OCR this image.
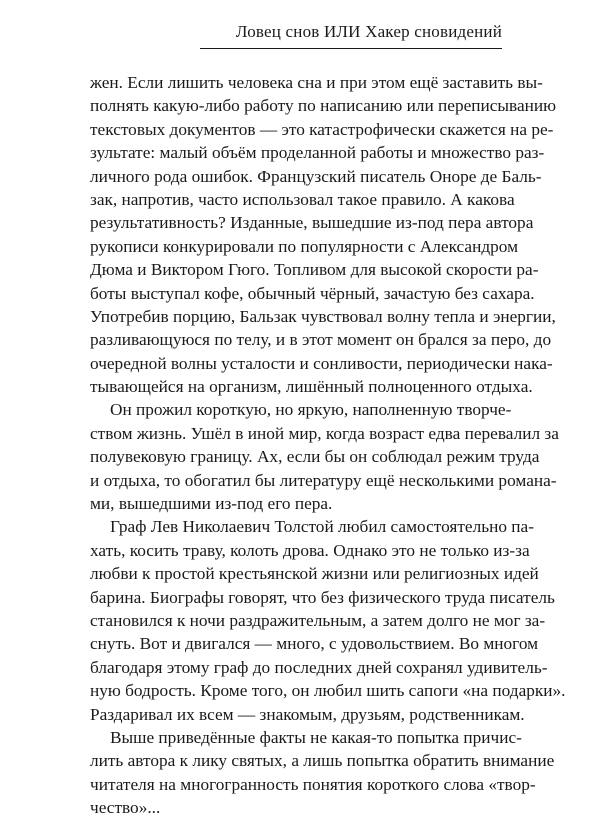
Ловец снов ИЛИ Хакер сновидений
жен. Если лишить человека сна и при этом ещё заставить вы-
полнять какую-либо работу по написанию или переписыванию
текстовых документов — это катастрофически скажется на ре-
зультате: малый объём проделанной работы и множество раз-
личного рода ошибок. Французский писатель Оноре де Баль-
зак, напротив, часто использовал такое правило. А какова
результативность? Изданные, вышедшие из-под пера автора
рукописи конкурировали по популярности с Александром
Дюма и Виктором Гюго. Топливом для высокой скорости ра-
боты выступал кофе, обычный чёрный, зачастую без сахара.
Употребив порцию, Бальзак чувствовал волну тепла и энергии,
разливающуюся по телу, и в этот момент он брался за перо, до
очередной волны усталости и сонливости, периодически нака-
тывающейся на организм, лишённый полноценного отдыха.
Он прожил короткую, но яркую, наполненную творче-
ством жизнь. Ушёл в иной мир, когда возраст едва перевалил за
полувековую границу. Ах, если бы он соблюдал режим труда
и отдыха, то обогатил бы литературу ещё несколькими романа-
ми, вышедшими из-под его пера.
Граф Лев Николаевич Толстой любил самостоятельно па-
хать, косить траву, колоть дрова. Однако это не только из-за
любви к простой крестьянской жизни или религиозных идей
барина. Биографы говорят, что без физического труда писатель
становился к ночи раздражительным, а затем долго не мог за-
снуть. Вот и двигался — много, с удовольствием. Во многом
благодаря этому граф до последних дней сохранял удивитель-
ную бодрость. Кроме того, он любил шить сапоги «на подарки».
Раздаривал их всем — знакомым, друзьям, родственникам.
Выше приведённые факты не какая-то попытка причис-
лить автора к лику святых, а лишь попытка обратить внимание
читателя на многогранность понятия короткого слова «твор-
чество»...
